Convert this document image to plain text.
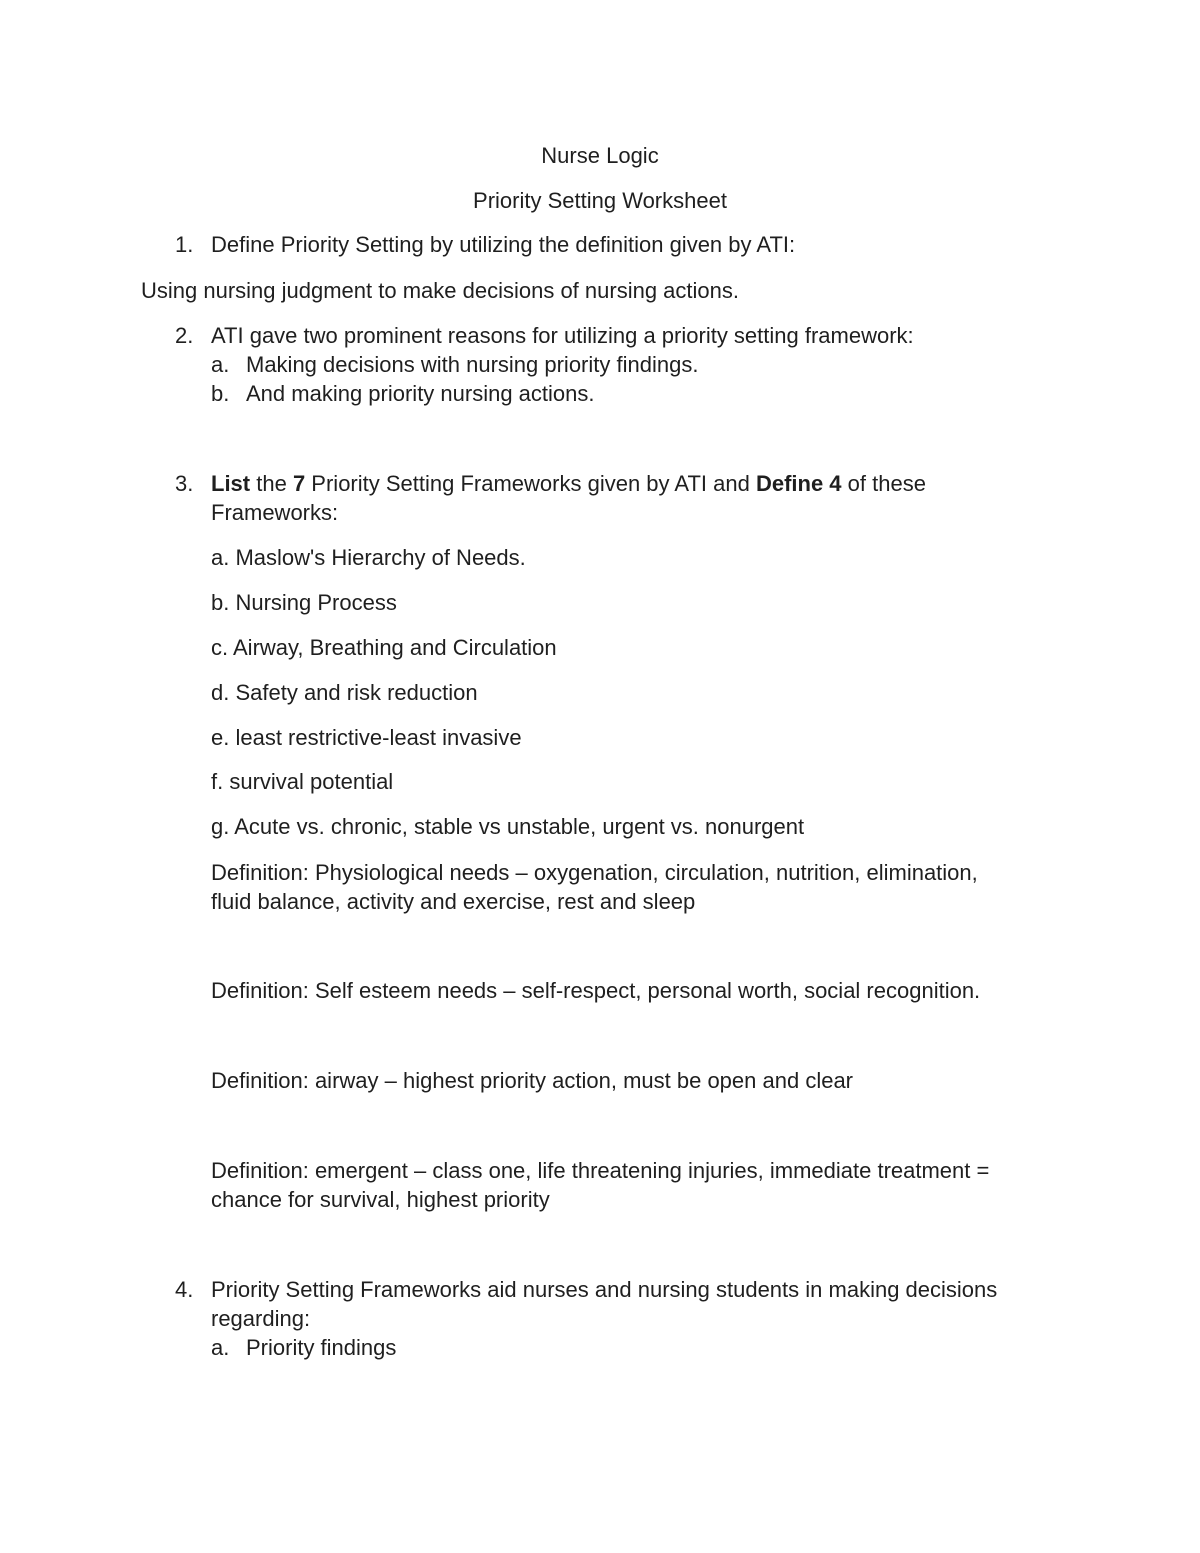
Nurse Logic
Priority Setting Worksheet
1. Define Priority Setting by utilizing the definition given by ATI:
Using nursing judgment to make decisions of nursing actions.
2. ATI gave two prominent reasons for utilizing a priority setting framework:
a. Making decisions with nursing priority findings.
b. And making priority nursing actions.
3. List the 7 Priority Setting Frameworks given by ATI and Define 4 of these
Frameworks:
a. Maslow's Hierarchy of Needs.
b. Nursing Process
c. Airway, Breathing and Circulation
d. Safety and risk reduction
e. least restrictive-least invasive
f. survival potential
g. Acute vs. chronic, stable vs unstable, urgent vs. nonurgent
Definition: Physiological needs – oxygenation, circulation, nutrition, elimination,
fluid balance, activity and exercise, rest and sleep
Definition: Self esteem needs – self-respect, personal worth, social recognition.
Definition: airway – highest priority action, must be open and clear
Definition: emergent – class one, life threatening injuries, immediate treatment =
chance for survival, highest priority
4. Priority Setting Frameworks aid nurses and nursing students in making decisions
regarding:
a. Priority findings
